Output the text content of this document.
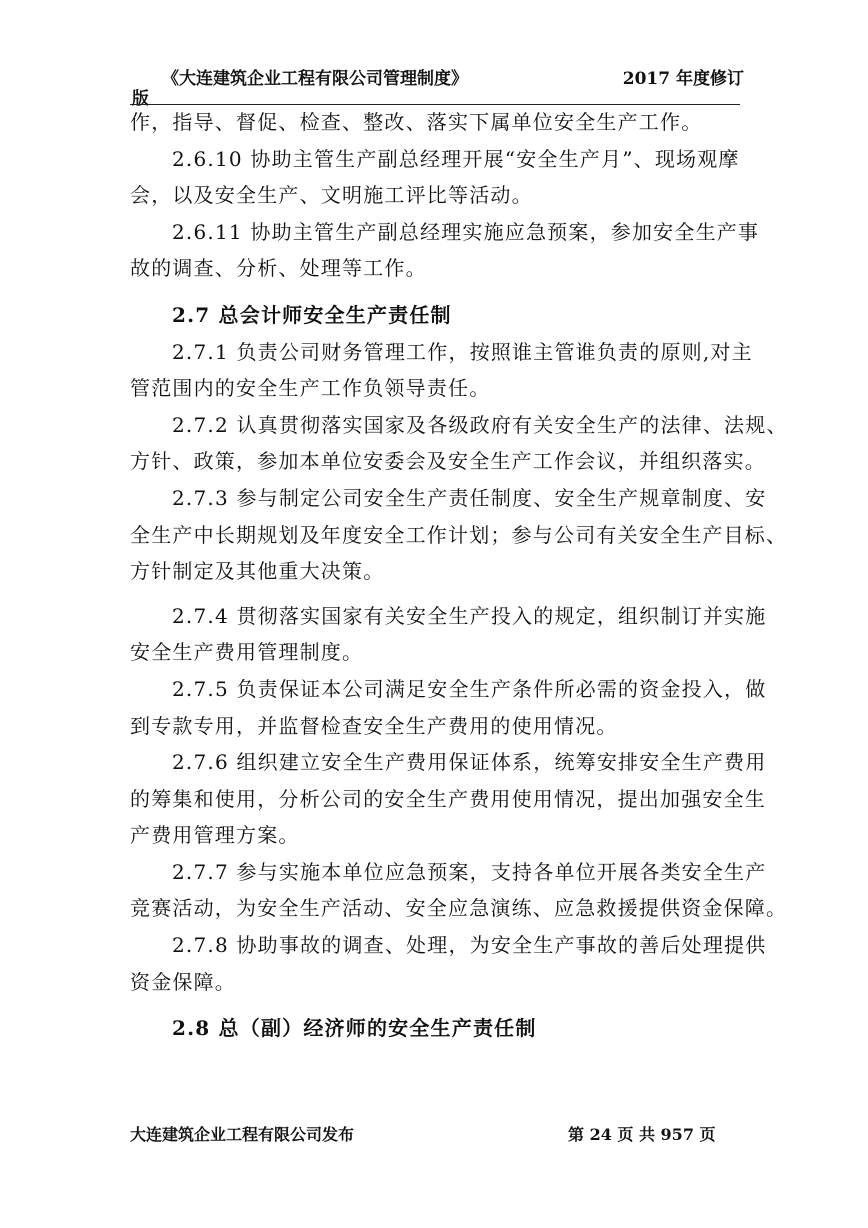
《大连建筑企业工程有限公司管理制度》	2017 年度修订
版
作，指导、督促、检查、整改、落实下属单位安全生产工作。
2.6.10 协助主管生产副总经理开展“安全生产月”、现场观摩
会，以及安全生产、文明施工评比等活动。
2.6.11 协助主管生产副总经理实施应急预案，参加安全生产事
故的调查、分析、处理等工作。
2.7 总会计师安全生产责任制
2.7.1 负责公司财务管理工作，按照谁主管谁负责的原则,对主
管范围内的安全生产工作负领导责任。
2.7.2 认真贯彻落实国家及各级政府有关安全生产的法律、法规、
方针、政策，参加本单位安委会及安全生产工作会议，并组织落实。
2.7.3 参与制定公司安全生产责任制度、安全生产规章制度、安
全生产中长期规划及年度安全工作计划；参与公司有关安全生产目标、
方针制定及其他重大决策。
2.7.4 贯彻落实国家有关安全生产投入的规定，组织制订并实施
安全生产费用管理制度。
2.7.5 负责保证本公司满足安全生产条件所必需的资金投入，做
到专款专用，并监督检查安全生产费用的使用情况。
2.7.6 组织建立安全生产费用保证体系，统筹安排安全生产费用
的筹集和使用，分析公司的安全生产费用使用情况，提出加强安全生
产费用管理方案。
2.7.7 参与实施本单位应急预案，支持各单位开展各类安全生产
竞赛活动，为安全生产活动、安全应急演练、应急救援提供资金保障。
2.7.8 协助事故的调查、处理，为安全生产事故的善后处理提供
资金保障。
2.8 总（副）经济师的安全生产责任制
大连建筑企业工程有限公司发布	第 24 页 共 957 页
